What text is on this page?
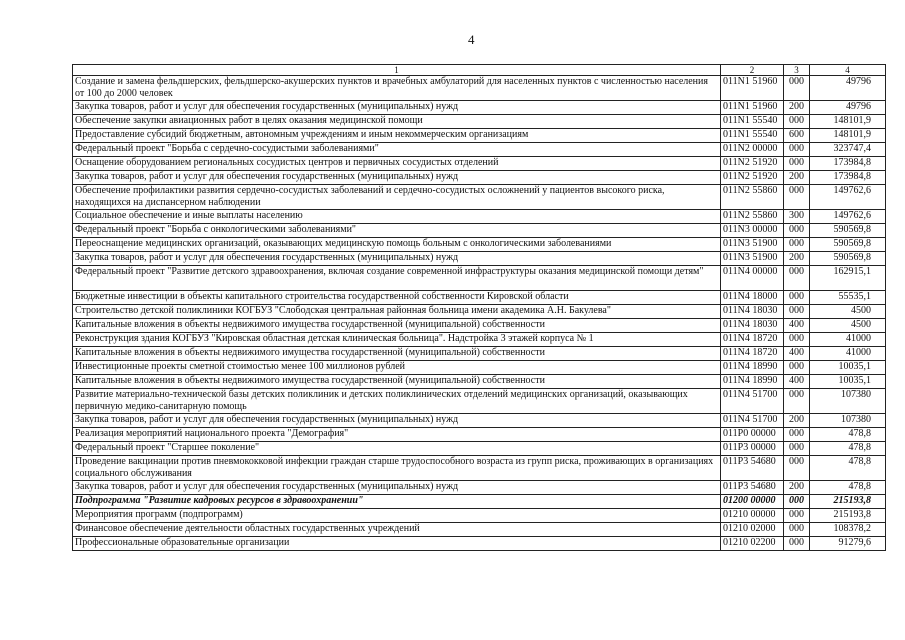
4
1	2	3	4
Создание и замена фельдшерских, фельдшерско-акушерских пунктов и врачебных амбулаторий для населенных пунктов с численностью населения от 100 до 2000 человек	011N1 51960	000	49796
Закупка товаров, работ и услуг для обеспечения государственных (муниципальных) нужд	011N1 51960	200	49796
Обеспечение закупки авиационных работ в целях оказания медицинской помощи	011N1 55540	000	148101,9
Предоставление субсидий бюджетным, автономным учреждениям и иным некоммерческим организациям	011N1 55540	600	148101,9
Федеральный проект "Борьба с сердечно-сосудистыми заболеваниями"	011N2 00000	000	323747,4
Оснащение оборудованием региональных сосудистых центров и первичных сосудистых отделений	011N2 51920	000	173984,8
Закупка товаров, работ и услуг для обеспечения государственных (муниципальных) нужд	011N2 51920	200	173984,8
Обеспечение профилактики развития сердечно-сосудистых заболеваний и сердечно-сосудистых осложнений у пациентов высокого риска, находящихся на диспансерном наблюдении	011N2 55860	000	149762,6
Социальное обеспечение и иные выплаты населению	011N2 55860	300	149762,6
Федеральный проект "Борьба с онкологическими заболеваниями"	011N3 00000	000	590569,8
Переоснащение медицинских организаций, оказывающих медицинскую помощь больным с онкологическими заболеваниями	011N3 51900	000	590569,8
Закупка товаров, работ и услуг для обеспечения государственных (муниципальных) нужд	011N3 51900	200	590569,8
Федеральный проект "Развитие детского здравоохранения, включая создание современной инфраструктуры оказания медицинской помощи детям"	011N4 00000	000	162915,1
Бюджетные инвестиции в объекты капитального строительства государственной собственности Кировской области	011N4 18000	000	55535,1
Строительство детской поликлиники КОГБУЗ "Слободская центральная районная больница имени академика А.Н. Бакулева"	011N4 18030	000	4500
Капитальные вложения в объекты недвижимого имущества государственной (муниципальной) собственности	011N4 18030	400	4500
Реконструкция здания КОГБУЗ "Кировская областная детская клиническая больница". Надстройка 3 этажей корпуса № 1	011N4 18720	000	41000
Капитальные вложения в объекты недвижимого имущества государственной (муниципальной) собственности	011N4 18720	400	41000
Инвестиционные проекты сметной стоимостью менее 100 миллионов рублей	011N4 18990	000	10035,1
Капитальные вложения в объекты недвижимого имущества государственной (муниципальной) собственности	011N4 18990	400	10035,1
Развитие материально-технической базы детских поликлиник и детских поликлинических отделений медицинских организаций, оказывающих первичную медико-санитарную помощь	011N4 51700	000	107380
Закупка товаров, работ и услуг для обеспечения государственных (муниципальных) нужд	011N4 51700	200	107380
Реализация мероприятий национального проекта "Демография"	011P0 00000	000	478,8
Федеральный проект "Старшее поколение"	011P3 00000	000	478,8
Проведение вакцинации против пневмококковой инфекции граждан старше трудоспособного возраста из групп риска, проживающих в организациях социального обслуживания	011P3 54680	000	478,8
Закупка товаров, работ и услуг для обеспечения государственных (муниципальных) нужд	011P3 54680	200	478,8
Подпрограмма "Развитие кадровых ресурсов в здравоохранении"	01200 00000	000	215193,8
Мероприятия программ (подпрограмм)	01210 00000	000	215193,8
Финансовое обеспечение деятельности областных государственных учреждений	01210 02000	000	108378,2
Профессиональные образовательные организации	01210 02200	000	91279,6
